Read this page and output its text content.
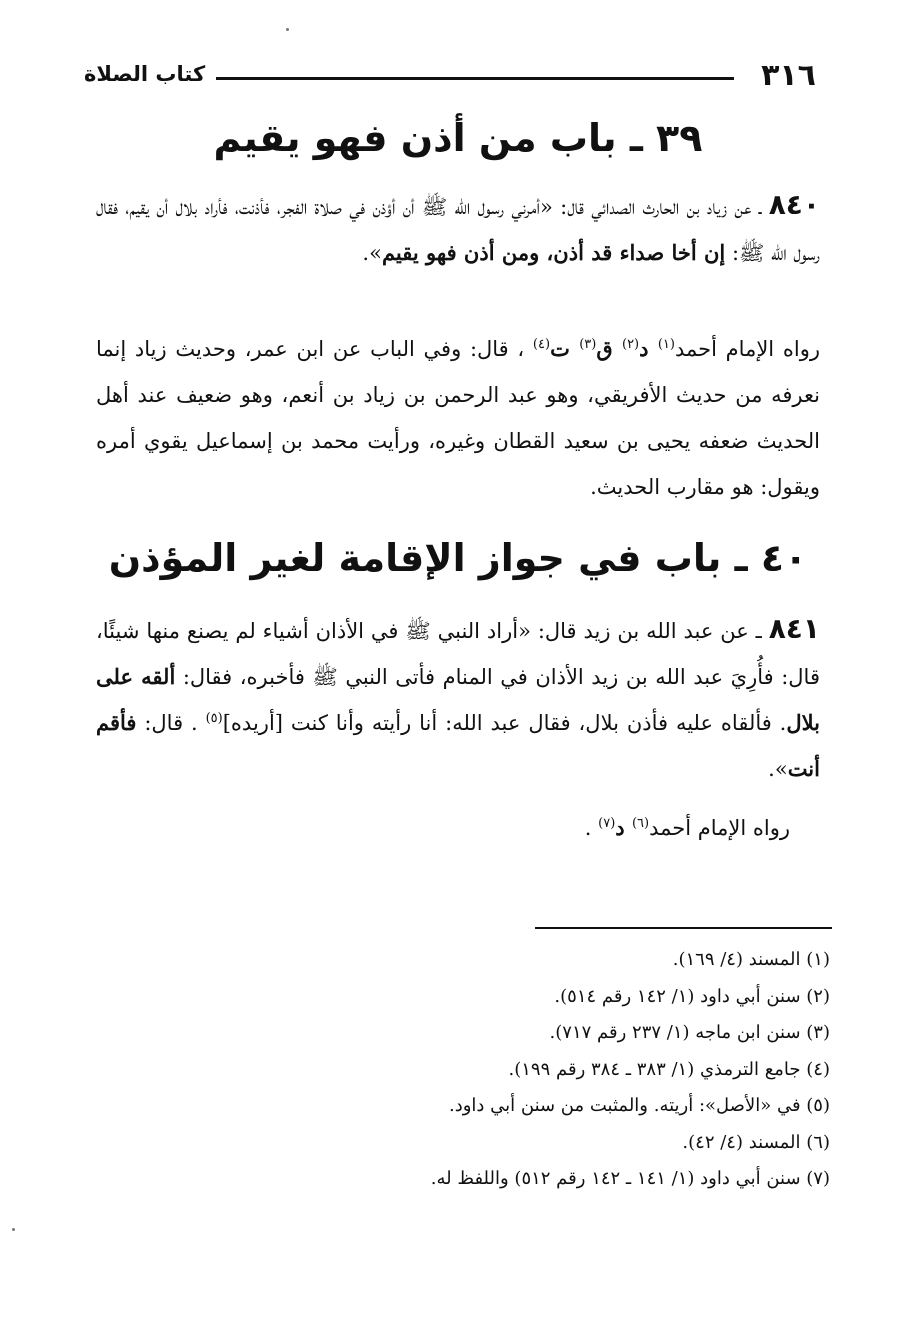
٣١٦
كتاب الصلاة
٣٩ ـ باب من أذن فهو يقيم

٨٤٠ ـ عن زياد بن الحارث الصدائي قال: «أمرني رسول الله ﷺ أن أؤذن في صلاة الفجر، فأذنت، فأراد بلال أن يقيم، فقال رسول الله ﷺ: إن أخا صداء قد أذن، ومن أذن فهو يقيم».

رواه الإمام أحمد$^{(١)}$ د$^{(٢)}$ ق$^{(٣)}$ ت$^{(٤)}$ ، قال: وفي الباب عن ابن عمر، وحديث زياد إنما نعرفه من حديث الأفريقي، وهو عبد الرحمن بن زياد بن أنعم، وهو ضعيف عند أهل الحديث ضعفه يحيى بن سعيد القطان وغيره، ورأيت محمد بن إسماعيل يقوي أمره ويقول: هو مقارب الحديث.

٤٠ ـ باب في جواز الإقامة لغير المؤذن

٨٤١ ـ عن عبد الله بن زيد قال: «أراد النبي ﷺ في الأذان أشياء لم يصنع منها شيئًا، قال: فأُرِيَ عبد الله بن زيد الأذان في المنام فأتى النبي ﷺ فأخبره، فقال: ألقه على بلال. فألقاه عليه فأذن بلال، فقال عبد الله: أنا رأيته وأنا كنت [أريده]$^{(٥)}$ . قال: فأقم أنت».

رواه الإمام أحمد$^{(٦)}$ د$^{(٧)}$ .

(١) المسند (٤/ ١٦٩).
(٢) سنن أبي داود (١/ ١٤٢ رقم ٥١٤).
(٣) سنن ابن ماجه (١/ ٢٣٧ رقم ٧١٧).
(٤) جامع الترمذي (١/ ٣٨٣ ـ ٣٨٤ رقم ١٩٩).
(٥) في «الأصل»: أريته. والمثبت من سنن أبي داود.
(٦) المسند (٤/ ٤٢).
(٧) سنن أبي داود (١/ ١٤١ ـ ١٤٢ رقم ٥١٢) واللفظ له.
